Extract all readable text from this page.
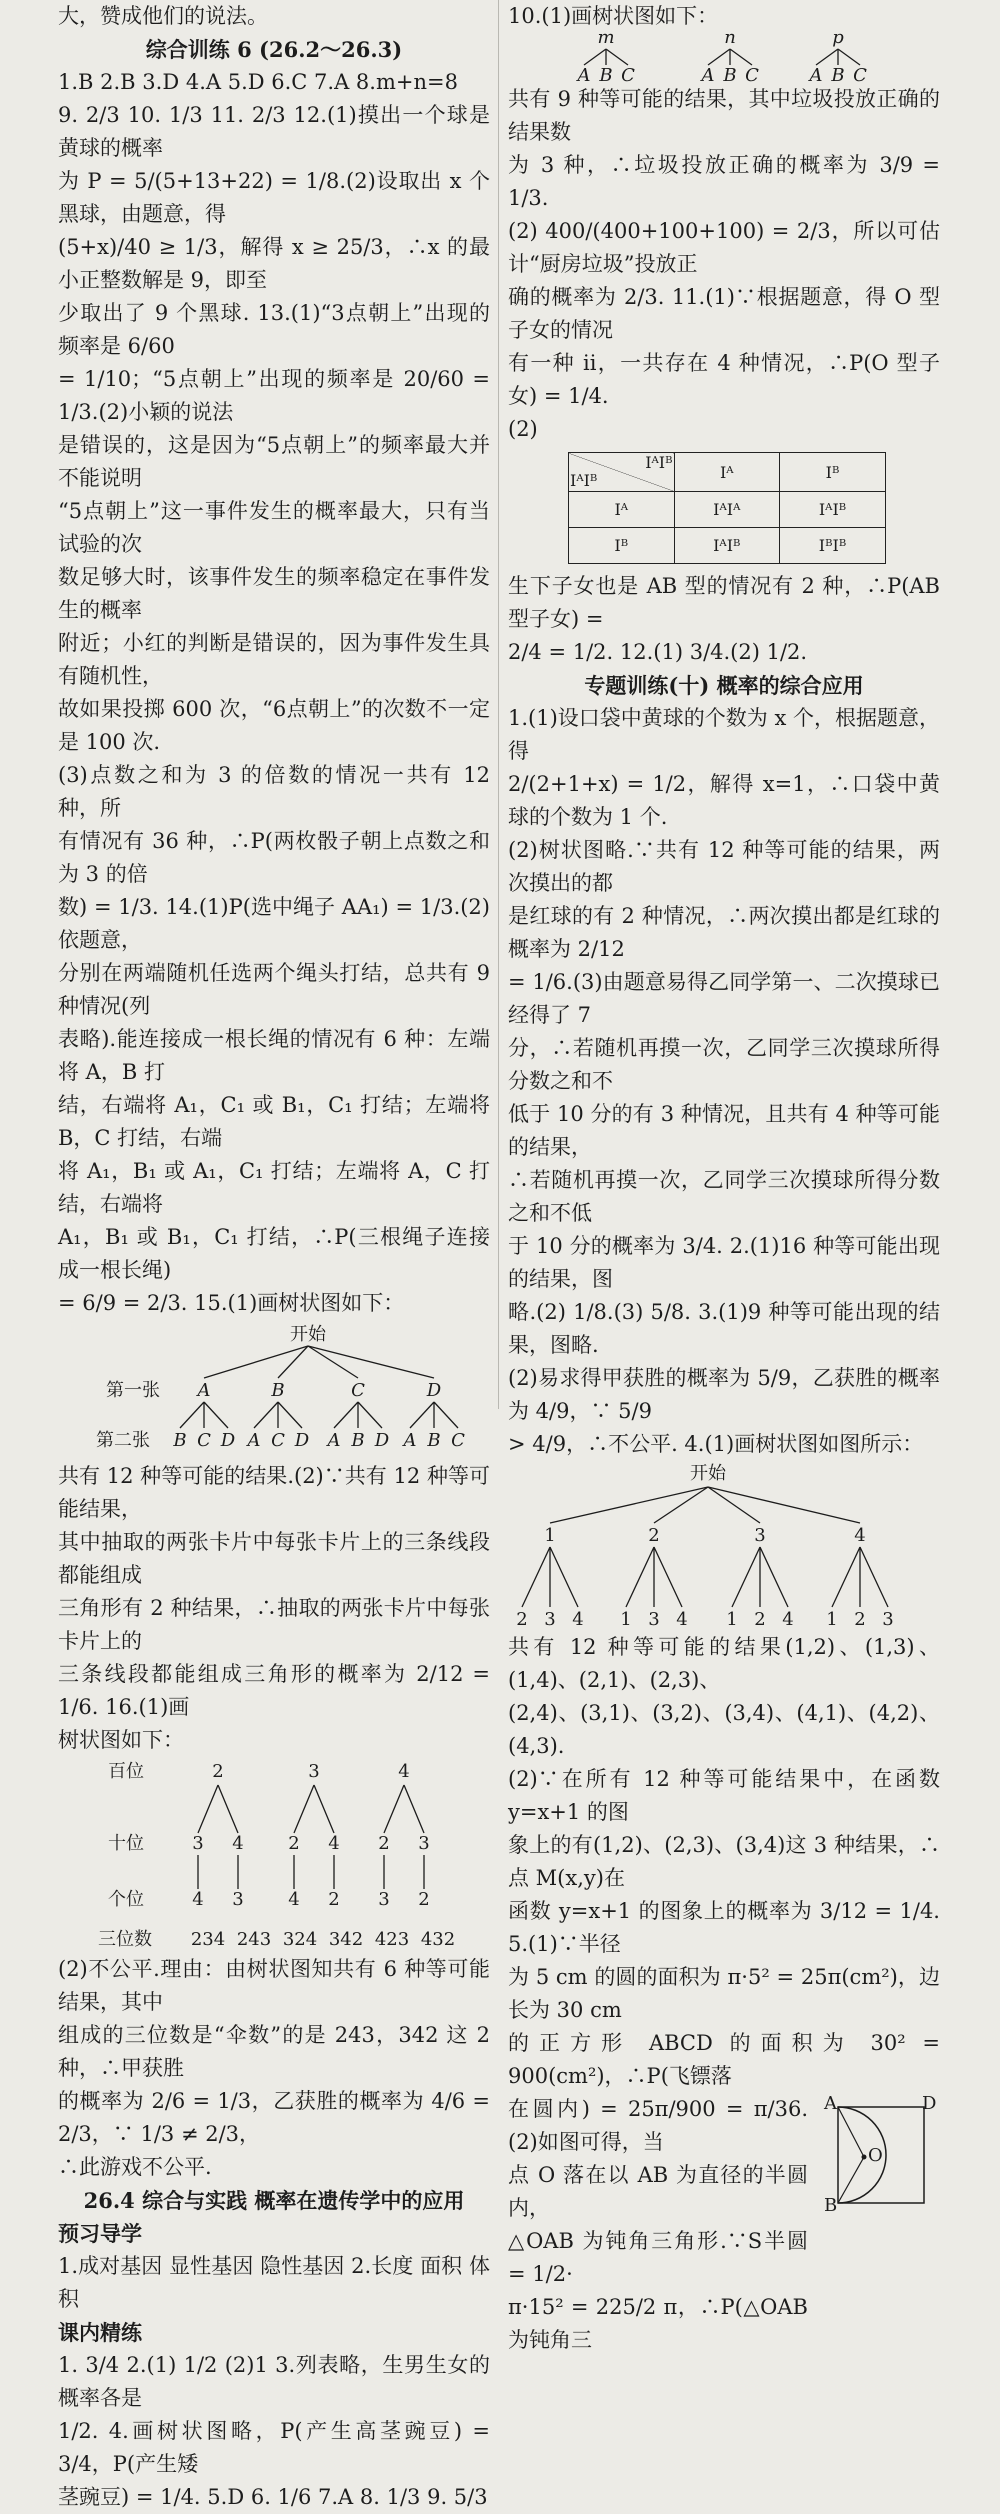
大，赞成他们的说法。

综合训练 6 (26.2～26.3)

1.B 2.B 3.D 4.A 5.D 6.C 7.A 8.m+n=8

9. 2/3 10. 1/3 11. 2/3 12.(1)摸出一个球是黄球的概率

为 P = 5/(5+13+22) = 1/8.(2)设取出 x 个黑球，由题意，得

(5+x)/40 ≥ 1/3，解得 x ≥ 25/3，∴x 的最小正整数解是 9，即至

少取出了 9 个黑球. 13.(1)“3点朝上”出现的频率是 6/60

= 1/10；“5点朝上”出现的频率是 20/60 = 1/3.(2)小颖的说法

是错误的，这是因为“5点朝上”的频率最大并不能说明

“5点朝上”这一事件发生的概率最大，只有当试验的次

数足够大时，该事件发生的频率稳定在事件发生的概率

附近；小红的判断是错误的，因为事件发生具有随机性，

故如果投掷 600 次，“6点朝上”的次数不一定是 100 次.

(3)点数之和为 3 的倍数的情况一共有 12 种，所

有情况有 36 种，∴P(两枚骰子朝上点数之和为 3 的倍

数) = 1/3. 14.(1)P(选中绳子 AA₁) = 1/3.(2)依题意，

分别在两端随机任选两个绳头打结，总共有 9 种情况(列

表略).能连接成一根长绳的情况有 6 种：左端将 A，B 打

结，右端将 A₁，C₁ 或 B₁，C₁ 打结；左端将 B，C 打结，右端

将 A₁，B₁ 或 A₁，C₁ 打结；左端将 A，C 打结，右端将

A₁，B₁ 或 B₁，C₁ 打结，∴P(三根绳子连接成一根长绳)

= 6/9 = 2/3. 15.(1)画树状图如下：

开始
第一张
第二张
A
B C D
B
A C D
C
A B D
D
A B C

共有 12 种等可能的结果.(2)∵共有 12 种等可能结果，

其中抽取的两张卡片中每张卡片上的三条线段都能组成

三角形有 2 种结果，∴抽取的两张卡片中每张卡片上的

三条线段都能组成三角形的概率为 2/12 = 1/6. 16.(1)画

树状图如下：

百位
十位
个位
三位数
2
3
4
4
3
3
2
4
4
2
4
2
3
3
2
234 243 324 342 423 432

(2)不公平.理由：由树状图知共有 6 种等可能结果，其中

组成的三位数是“伞数”的是 243，342 这 2 种，∴甲获胜

的概率为 2/6 = 1/3，乙获胜的概率为 4/6 = 2/3，∵ 1/3 ≠ 2/3，

∴此游戏不公平.

26.4 综合与实践 概率在遗传学中的应用

预习导学

1.成对基因 显性基因 隐性基因 2.长度 面积 体积

课内精练

1. 3/4 2.(1) 1/2 (2)1 3.列表略，生男生女的概率各是

1/2. 4.画树状图略，P(产生高茎豌豆) = 3/4，P(产生矮

茎豌豆) = 1/4. 5.D 6. 1/6 7.A 8. 1/3 9. 5/3

10.(1)画树状图如下：

m
A B C
n
A B C
p
A B C

共有 9 种等可能的结果，其中垃圾投放正确的结果数

为 3 种，∴垃圾投放正确的概率为 3/9 = 1/3.

(2) 400/(400+100+100) = 2/3，所以可估计“厨房垃圾”投放正

确的概率为 2/3. 11.(1)∵根据题意，得 O 型子女的情况

有一种 ii，一共存在 4 种情况，∴P(O 型子女) = 1/4.

(2)

IᴬIᴮ
IᴬIᴮ	Iᴬ	Iᴮ
Iᴬ	IᴬIᴬ	IᴬIᴮ
Iᴮ	IᴬIᴮ	IᴮIᴮ

生下子女也是 AB 型的情况有 2 种，∴P(AB 型子女) =

2/4 = 1/2. 12.(1) 3/4.(2) 1/2.

专题训练(十) 概率的综合应用

1.(1)设口袋中黄球的个数为 x 个，根据题意，得

2/(2+1+x) = 1/2，解得 x=1，∴口袋中黄球的个数为 1 个.

(2)树状图略.∵共有 12 种等可能的结果，两次摸出的都

是红球的有 2 种情况，∴两次摸出都是红球的概率为 2/12

= 1/6.(3)由题意易得乙同学第一、二次摸球已经得了 7

分，∴若随机再摸一次，乙同学三次摸球所得分数之和不

低于 10 分的有 3 种情况，且共有 4 种等可能的结果，

∴若随机再摸一次，乙同学三次摸球所得分数之和不低

于 10 分的概率为 3/4. 2.(1)16 种等可能出现的结果，图

略.(2) 1/8.(3) 5/8. 3.(1)9 种等可能出现的结果，图略.

(2)易求得甲获胜的概率为 5/9，乙获胜的概率为 4/9，∵ 5/9

> 4/9，∴不公平. 4.(1)画树状图如图所示：

开始
1
2 3 4
2
1 3 4
3
1 2 4
4
1 2 3

共有 12 种等可能的结果(1,2)、(1,3)、(1,4)、(2,1)、(2,3)、

(2,4)、(3,1)、(3,2)、(3,4)、(4,1)、(4,2)、(4,3).

(2)∵在所有 12 种等可能结果中，在函数 y=x+1 的图

象上的有(1,2)、(2,3)、(3,4)这 3 种结果，∴点 M(x,y)在

函数 y=x+1 的图象上的概率为 3/12 = 1/4. 5.(1)∵半径

为 5 cm 的圆的面积为 π·5² = 25π(cm²)，边长为 30 cm

的正方形 ABCD 的面积为 30² = 900(cm²)，∴P(飞镖落

在圆内) = 25π/900 = π/36.(2)如图可得，当

点 O 落在以 AB 为直径的半圆内，

△OAB 为钝角三角形.∵S半圆 = 1/2·

π·15² = 225/2 π，∴P(△OAB 为钝角三

A	D
O
B
